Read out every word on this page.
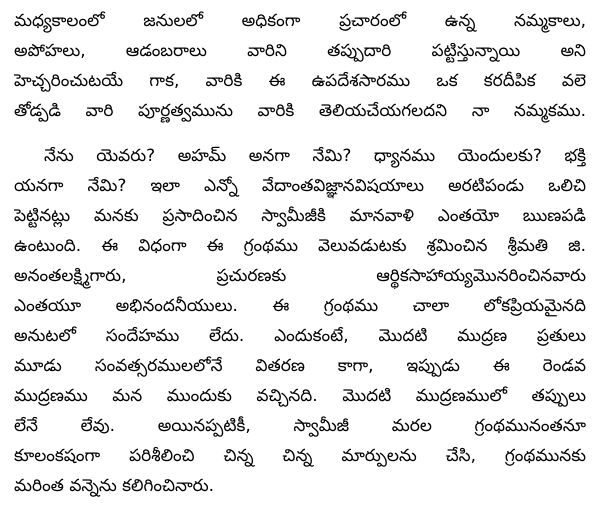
మధ్యకాలంలో జనులలో అధికంగా ప్రచారంలో ఉన్న నమ్మకాలు,
అపోహలు, ఆడంబరాలు వారిని తప్పుదారి పట్టిస్తున్నాయి అని
హెచ్చరించుటయే గాక, వారికి ఈ ఉపదేశసారము ఒక కరదీపిక వలె
తోడ్పడి వారి పూర్ణత్వమును వారికి తెలియచేయగలదని నా నమ్మకము.
నేను యెవరు? అహమ్ అనగా నేమి? ధ్యానము యెందులకు? భక్తి
యనగా నేమి? ఇలా ఎన్నో వేదాంతవిజ్ఞానవిషయాలు అరటిపండు ఒలిచి
పెట్టినట్లు మనకు ప్రసాదించిన స్వామీజీకి మానవాళి ఎంతయో ఋణపడి
ఉంటుంది. ఈ విధంగా ఈ గ్రంథము వెలువడుటకు శ్రమించిన శ్రీమతి జి.
అనంతలక్ష్మిగారు, ప్రచురణకు ఆర్థికసాహాయ్యమొనరించినవారు
ఎంతయూ అభినందనీయులు. ఈ గ్రంథము చాలా లోకప్రియమైనది
అనుటలో సందేహము లేదు. ఎందుకంటే, మొదటి ముద్రణ ప్రతులు
మూడు సంవత్సరములలోనే వితరణ కాగా, ఇప్పుడు ఈ రెండవ
ముద్రణము మన ముందుకు వచ్చినది. మొదటి ముద్రణములో తప్పులు
లేనే లేవు. అయినప్పటికీ, స్వామీజీ మరల గ్రంథమునంతనూ
కూలంకషంగా పరిశీలించి చిన్న చిన్న మార్పులను చేసి, గ్రంథమునకు
మరింత వన్నెను కలిగించినారు.
